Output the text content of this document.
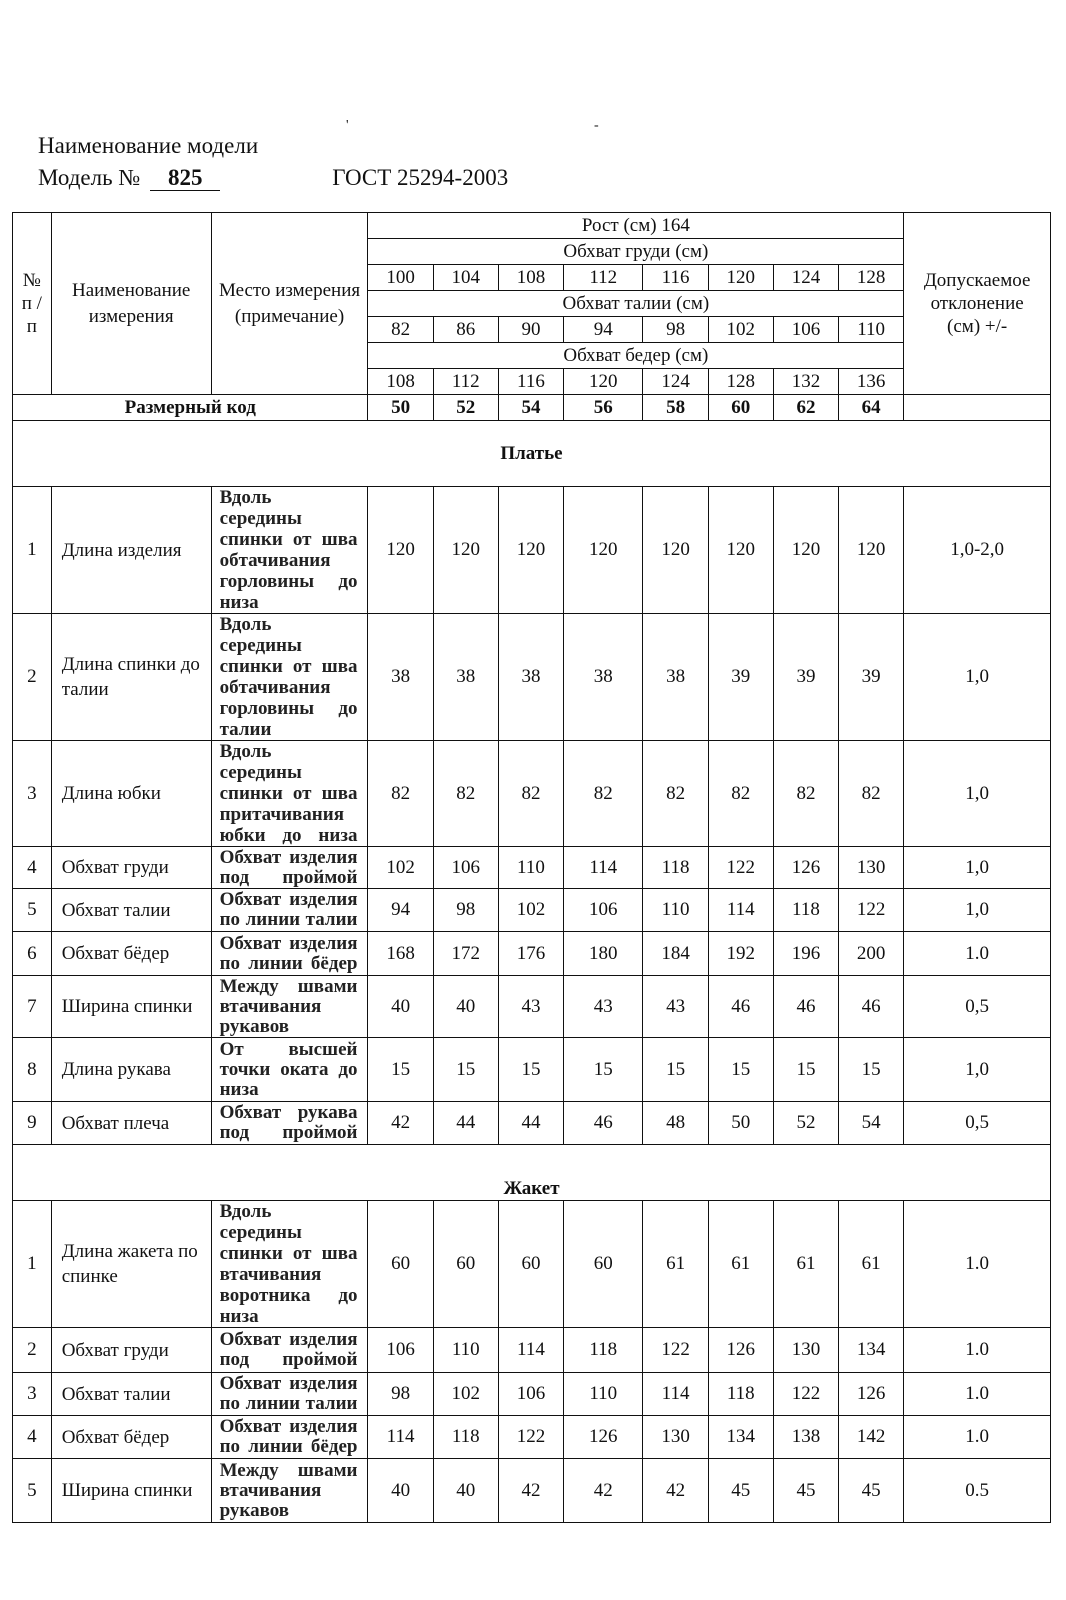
'	-
Наименование модели
Модель № 825	ГОСТ 25294-2003
№ п / п	Наименование измерения	Место измерения (примечание)	Рост (см) 164								Допускаемое отклонение (см) +/-
			Обхват груди (см)								
			100	104	108	112	116	120	124	128	
			Обхват талии (см)								
			82	86	90	94	98	102	106	110	
			Обхват бедер (см)								
			108	112	116	120	124	128	132	136	
Размерный код			50	52	54	56	58	60	62	64	
Платье											
1	Длина изделия	Вдоль середины спинки от шва обтачивания горловины до низа	120	120	120	120	120	120	120	120	1,0-2,0
2	Длина спинки до талии	Вдоль середины спинки от шва обтачивания горловины до талии	38	38	38	38	38	39	39	39	1,0
3	Длина юбки	Вдоль середины спинки от шва притачивания юбки до низа	82	82	82	82	82	82	82	82	1,0
4	Обхват груди	Обхват изделия под проймой	102	106	110	114	118	122	126	130	1,0
5	Обхват талии	Обхват изделия по линии талии	94	98	102	106	110	114	118	122	1,0
6	Обхват бёдер	Обхват изделия по линии бёдер	168	172	176	180	184	192	196	200	1.0
7	Ширина спинки	Между швами втачивания рукавов	40	40	43	43	43	46	46	46	0,5
8	Длина рукава	От высшей точки оката до низа	15	15	15	15	15	15	15	15	1,0
9	Обхват плеча	Обхват рукава под проймой	42	44	44	46	48	50	52	54	0,5
Жакет											
1	Длина жакета по спинке	Вдоль середины спинки от шва втачивания воротника до низа	60	60	60	60	61	61	61	61	1.0
2	Обхват груди	Обхват изделия под проймой	106	110	114	118	122	126	130	134	1.0
3	Обхват талии	Обхват изделия по линии талии	98	102	106	110	114	118	122	126	1.0
4	Обхват бёдер	Обхват изделия по линии бёдер	114	118	122	126	130	134	138	142	1.0
5	Ширина спинки	Между швами втачивания рукавов	40	40	42	42	42	45	45	45	0.5
